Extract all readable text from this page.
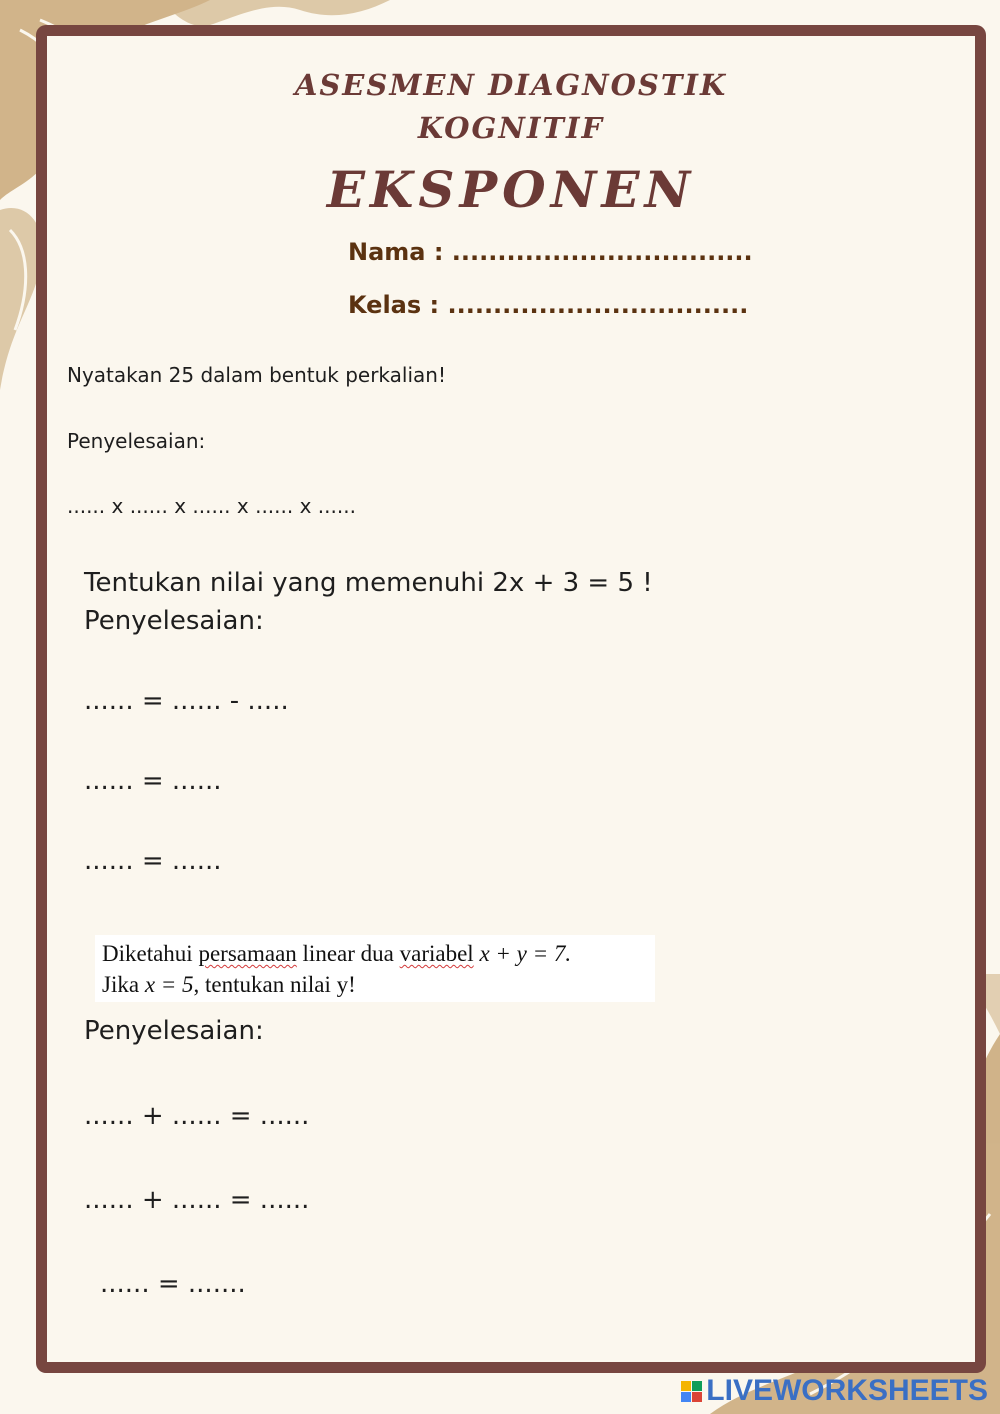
ASESMEN DIAGNOSTIK

KOGNITIF

EKSPONEN

Nama : .................................

Kelas : .................................

Nyatakan 25 dalam bentuk perkalian!

Penyelesaian:

...... x ...... x ...... x ...... x ......

Tentukan nilai yang memenuhi 2x + 3 = 5 !

Penyelesaian:

...... = ...... - .....

...... = ......

...... = ......

Diketahui persamaan linear dua variabel x + y = 7.
Jika x = 5, tentukan nilai y!

Penyelesaian:

...... + ...... = ......

...... + ...... = ......

...... = .......

LIVEWORKSHEETS
